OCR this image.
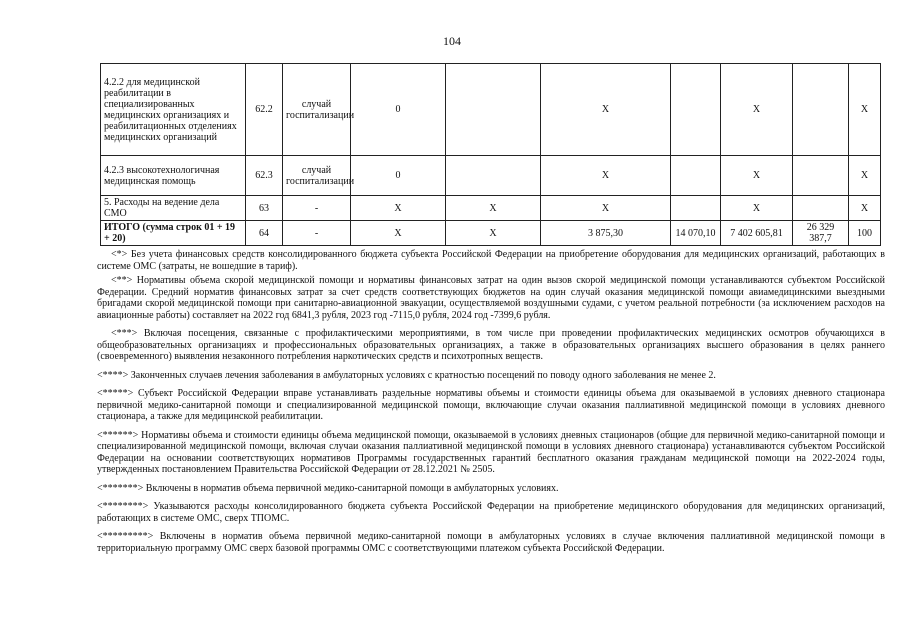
104
4.2.2 для медицинской реабилитации в специализированных медицинских организациях и реабилитационных отделениях медицинских организаций	62.2	случай госпитализации	0		Х		Х		Х
4.2.3 высокотехнологичная медицинская помощь	62.3	случай госпитализации	0		Х		Х		Х
5. Расходы на ведение дела СМО	63	-	Х	Х	Х		Х		Х
ИТОГО (сумма строк 01 + 19 + 20)	64	-	Х	Х	3 875,30	14 070,10	7 402 605,81	26 329 387,7	100

<*> Без учета финансовых средств консолидированного бюджета субъекта Российской Федерации на приобретение оборудования для медицинских организаций, работающих в системе ОМС (затраты, не вошедшие в тариф).

<**> Нормативы объема скорой медицинской помощи и нормативы финансовых затрат на один вызов скорой медицинской помощи устанавливаются субъектом Российской Федерации. Средний норматив финансовых затрат за счет средств соответствующих бюджетов на один случай оказания медицинской помощи авиамедицинскими выездными бригадами скорой медицинской помощи при санитарно-авиационной эвакуации, осуществляемой воздушными судами, с учетом реальной потребности (за исключением расходов на авиационные работы) составляет на 2022 год 6841,3 рубля, 2023 год -7115,0 рубля, 2024 год -7399,6 рубля.

<***> Включая посещения, связанные с профилактическими мероприятиями, в том числе при проведении профилактических медицинских осмотров обучающихся в общеобразовательных организациях и профессиональных образовательных организациях, а также в образовательных организациях высшего образования в целях раннего (своевременного) выявления незаконного потребления наркотических средств и психотропных веществ.

<****> Законченных случаев лечения заболевания в амбулаторных условиях с кратностью посещений по поводу одного заболевания не менее 2.

<*****> Субъект Российской Федерации вправе устанавливать раздельные нормативы объемы и стоимости единицы объема для оказываемой в условиях дневного стационара первичной медико-санитарной помощи и специализированной медицинской помощи, включающие случаи оказания паллиативной медицинской помощи в условиях дневного стационара, а также для медицинской реабилитации.

<******> Нормативы объема и стоимости единицы объема медицинской помощи, оказываемой в условиях дневных стационаров (общие для первичной медико-санитарной помощи и специализированной медицинской помощи, включая случаи оказания паллиативной медицинской помощи в условиях дневного стационара) устанавливаются субъектом Российской Федерации на основании соответствующих нормативов Программы государственных гарантий бесплатного оказания гражданам медицинской помощи на 2022-2024 годы, утвержденных постановлением Правительства Российской Федерации от 28.12.2021 № 2505.

<*******> Включены в норматив объема первичной медико-санитарной помощи в амбулаторных условиях.

<********> Указываются расходы консолидированного бюджета субъекта Российской Федерации на приобретение медицинского оборудования для медицинских организаций, работающих в системе ОМС, сверх ТПОМС.

<*********> Включены в норматив объема первичной медико-санитарной помощи в амбулаторных условиях в случае включения паллиативной медицинской помощи в территориальную программу ОМС сверх базовой программы ОМС с соответствующими платежом субъекта Российской Федерации.
